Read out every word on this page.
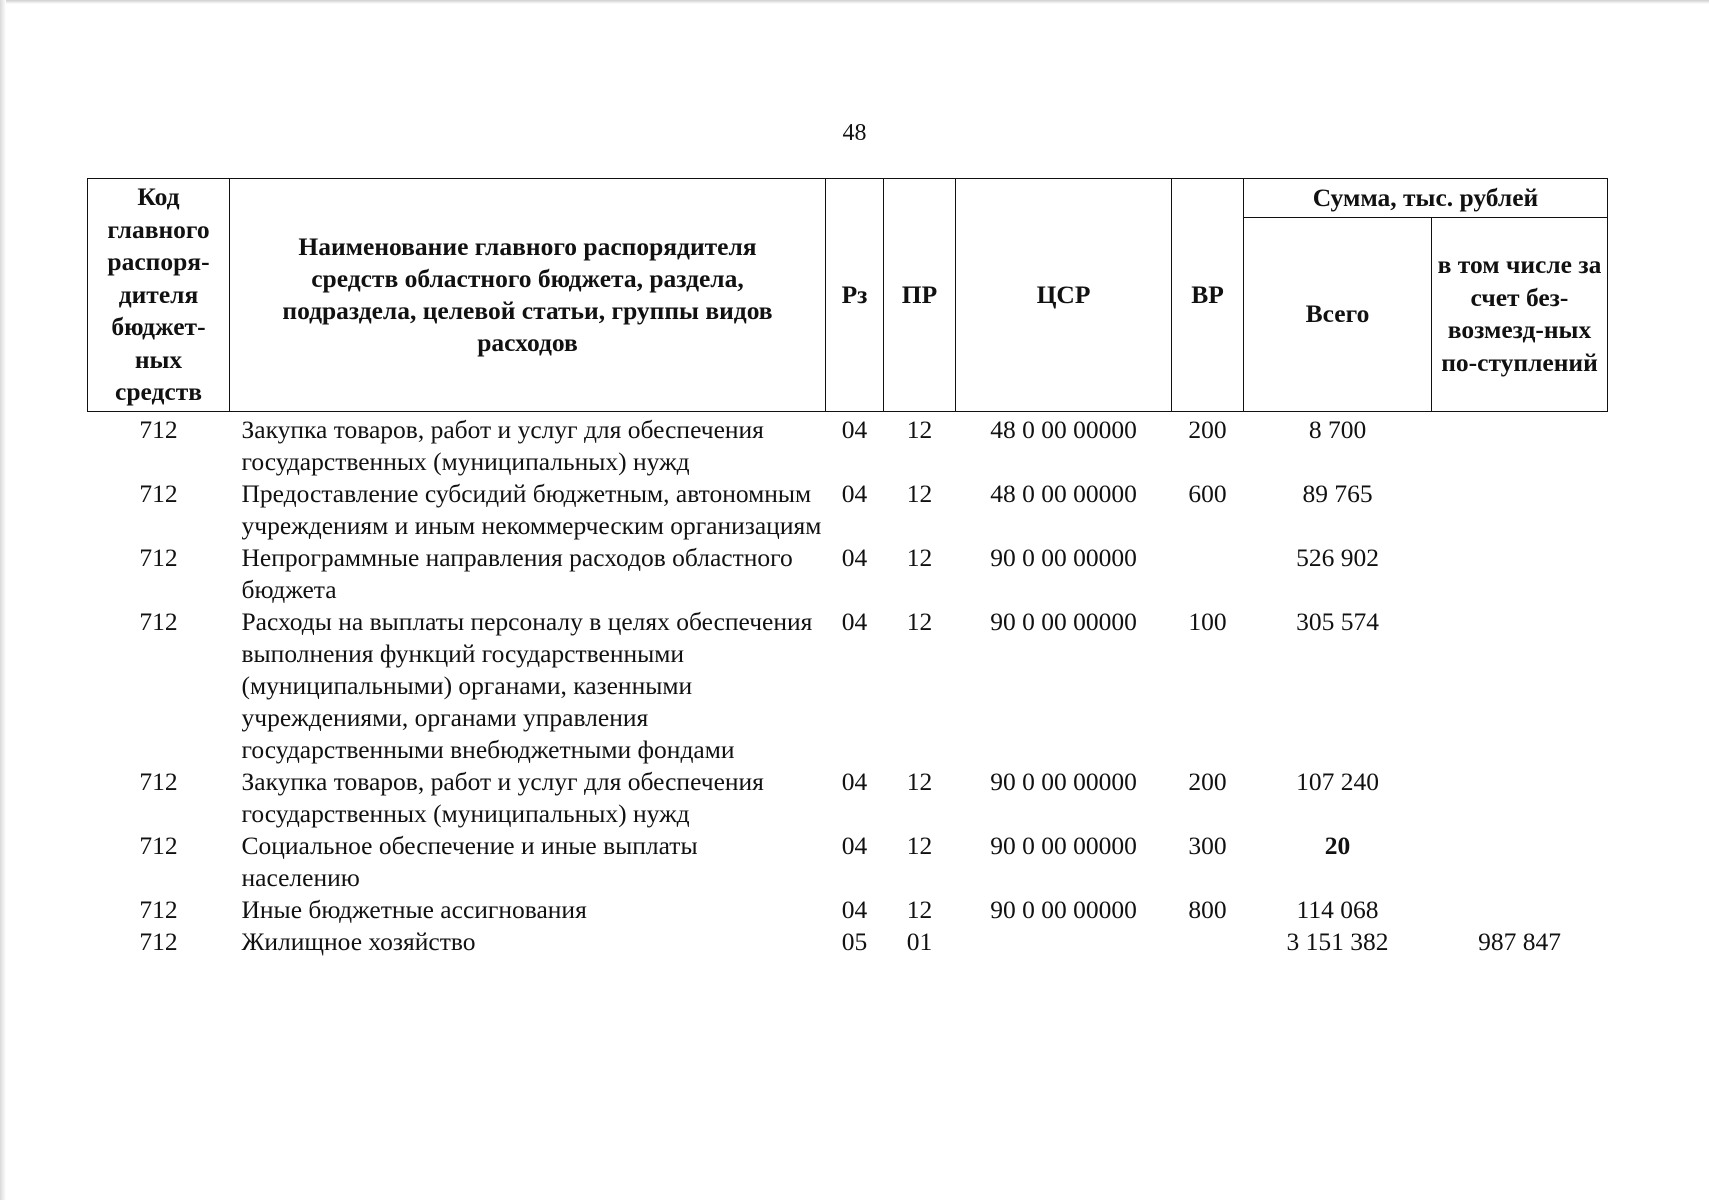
48
Код главного распоря-дителя бюджет-ных средств	Наименование главного распорядителя средств областного бюджета, раздела, подраздела, целевой статьи, группы видов расходов	Рз	ПР	ЦСР	ВР	Сумма, тыс. рублей	
						Всего	в том числе за счет без-возмезд-ных по-ступлений
712	Закупка товаров, работ и услуг для обеспечения государственных (муниципальных) нужд	04	12	48 0 00 00000	200	8 700	
712	Предоставление субсидий бюджетным, автономным учреждениям и иным некоммерческим организациям	04	12	48 0 00 00000	600	89 765	
712	Непрограммные направления расходов областного бюджета	04	12	90 0 00 00000		526 902	
712	Расходы на выплаты персоналу в целях обеспечения выполнения функций государственными (муниципальными) органами, казенными учреждениями, органами управления государственными внебюджетными фондами	04	12	90 0 00 00000	100	305 574	
712	Закупка товаров, работ и услуг для обеспечения государственных (муниципальных) нужд	04	12	90 0 00 00000	200	107 240	
712	Социальное обеспечение и иные выплаты населению	04	12	90 0 00 00000	300	20	
712	Иные бюджетные ассигнования	04	12	90 0 00 00000	800	114 068	
712	Жилищное хозяйство	05	01			3 151 382	987 847
